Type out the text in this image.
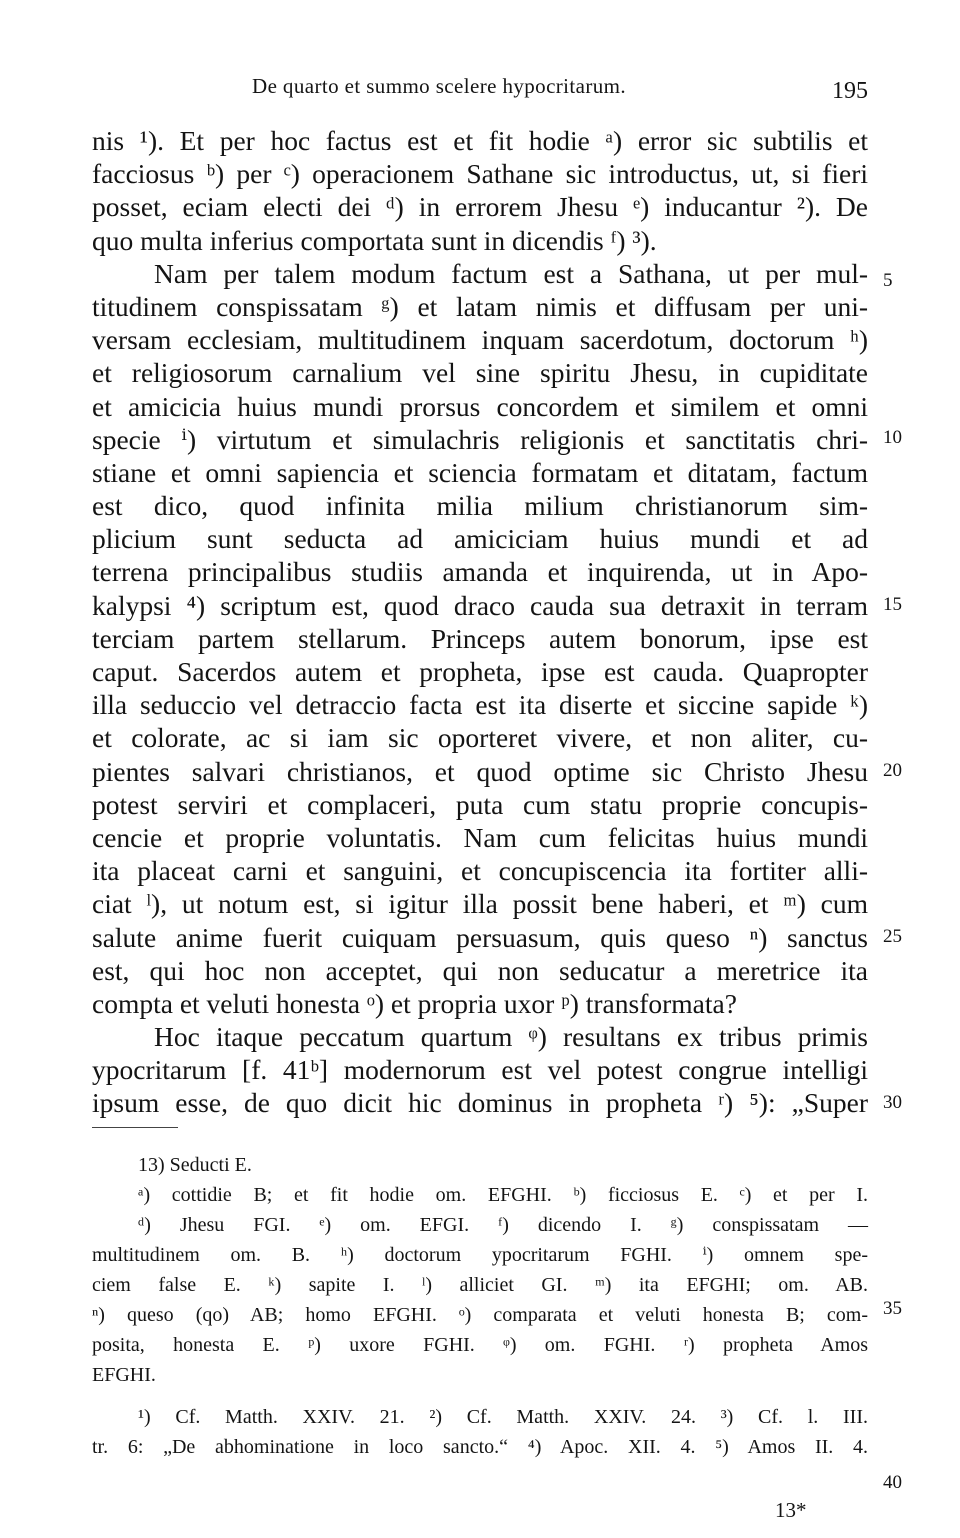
De quarto et summo scelere hypocritarum.	195
nis ¹). Et per hoc factus est et fit hodie ᵃ) error sic subtilis et
facciosus ᵇ) per ᶜ) operacionem Sathane sic introductus, ut, si fieri
posset, eciam electi dei ᵈ) in errorem Jhesu ᵉ) inducantur ²). De
quo multa inferius comportata sunt in dicendis ᶠ) ³).
Nam per talem modum factum est a Sathana, ut per mul-
titudinem conspissatam ᵍ) et latam nimis et diffusam per uni-
versam ecclesiam, multitudinem inquam sacerdotum, doctorum ʰ)
et religiosorum carnalium vel sine spiritu Jhesu, in cupiditate
et amicicia huius mundi prorsus concordem et similem et omni
specie ⁱ) virtutum et simulachris religionis et sanctitatis chri-
stiane et omni sapiencia et sciencia formatam et ditatam, factum
est dico, quod infinita milia milium christianorum sim-
plicium sunt seducta ad amiciciam huius mundi et ad
terrena principalibus studiis amanda et inquirenda, ut in Apo-
kalypsi ⁴) scriptum est, quod draco cauda sua detraxit in terram
terciam partem stellarum. Princeps autem bonorum, ipse est
caput. Sacerdos autem et propheta, ipse est cauda. Quapropter
illa seduccio vel detraccio facta est ita diserte et siccine sapide ᵏ)
et colorate, ac si iam sic oporteret vivere, et non aliter, cu-
pientes salvari christianos, et quod optime sic Christo Jhesu
potest serviri et complaceri, puta cum statu proprie concupis-
cencie et proprie voluntatis. Nam cum felicitas huius mundi
ita placeat carni et sanguini, et concupiscencia ita fortiter alli-
ciat ˡ), ut notum est, si igitur illa possit bene haberi, et ᵐ) cum
salute anime fuerit cuiquam persuasum, quis queso ⁿ) sanctus
est, qui hoc non acceptet, qui non seducatur a meretrice ita
compta et veluti honesta ᵒ) et propria uxor ᵖ) transformata?
Hoc itaque peccatum quartum ᵠ) resultans ex tribus primis
ypocritarum [f. 41ᵇ] modernorum est vel potest congrue intelligi
ipsum esse, de quo dicit hic dominus in propheta ʳ) ⁵): „Super
5
10
15
20
25
30
35
40
13) Seducti E.
ᵃ) cottidie B; et fit hodie om. EFGHI. ᵇ) ficciosus E. ᶜ) et per I.
ᵈ) Jhesu FGI. ᵉ) om. EFGI. ᶠ) dicendo I. ᵍ) conspissatam —
multitudinem om. B. ʰ) doctorum ypocritarum FGHI. ⁱ) omnem spe-
ciem false E. ᵏ) sapite I. ˡ) alliciet GI. ᵐ) ita EFGHI; om. AB.
ⁿ) queso (qo) AB; homo EFGHI. ᵒ) comparata et veluti honesta B; com-
posita, honesta E. ᵖ) uxore FGHI. ᵠ) om. FGHI. ʳ) propheta Amos
EFGHI.
¹) Cf. Matth. XXIV. 21. ²) Cf. Matth. XXIV. 24. ³) Cf. l. III.
tr. 6: „De abhominatione in loco sancto.“ ⁴) Apoc. XII. 4. ⁵) Amos II. 4.
13*
